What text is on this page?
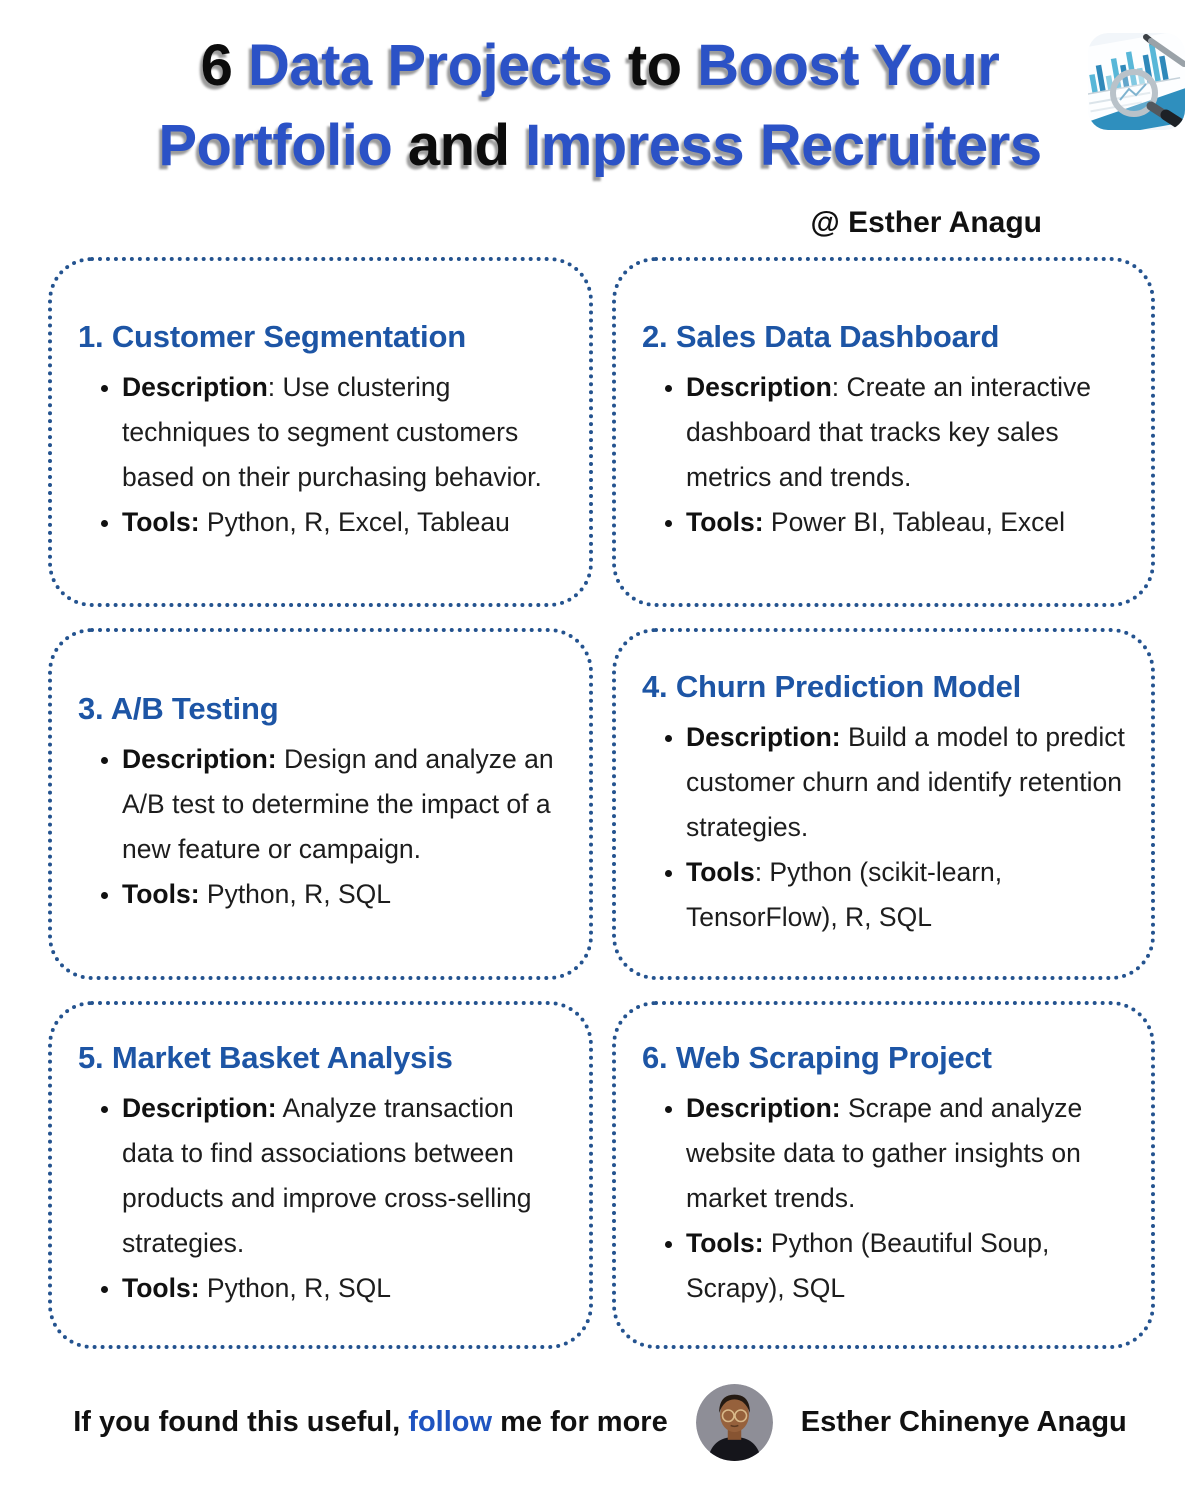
6 Data Projects to Boost Your
Portfolio and Impress Recruiters
@ Esther Anagu
1. Customer Segmentation
• Description: Use clustering techniques to segment customers based on their purchasing behavior.
• Tools: Python, R, Excel, Tableau
2. Sales Data Dashboard
• Description: Create an interactive dashboard that tracks key sales metrics and trends.
• Tools: Power BI, Tableau, Excel
3. A/B Testing
• Description: Design and analyze an A/B test to determine the impact of a new feature or campaign.
• Tools: Python, R, SQL
4. Churn Prediction Model
• Description: Build a model to predict customer churn and identify retention strategies.
• Tools: Python (scikit-learn, TensorFlow), R, SQL
5. Market Basket Analysis
• Description: Analyze transaction data to find associations between products and improve cross-selling strategies.
• Tools: Python, R, SQL
6. Web Scraping Project
• Description: Scrape and analyze website data to gather insights on market trends.
• Tools: Python (Beautiful Soup, Scrapy), SQL

If you found this useful, follow me for more	Esther Chinenye Anagu
